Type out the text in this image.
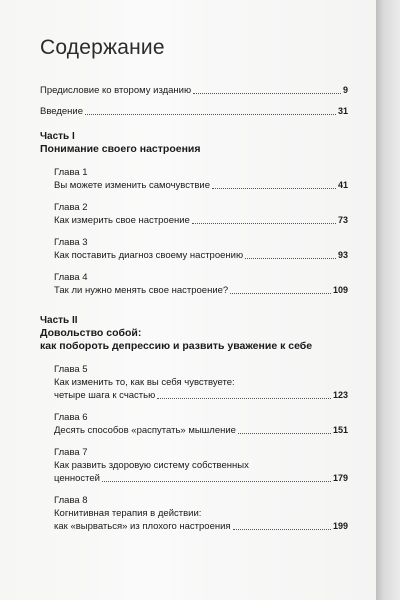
Содержание
Предисловие ко второму изданию	9
Введение	31
Часть I
Понимание своего настроения
Глава 1
Вы можете изменить самочувствие	41
Глава 2
Как измерить свое настроение	73
Глава 3
Как поставить диагноз своему настроению	93
Глава 4
Так ли нужно менять свое настроение?	109
Часть II
Довольство собой:
как побороть депрессию и развить уважение к себе
Глава 5
Как изменить то, как вы себя чувствуете:
четыре шага к счастью	123
Глава 6
Десять способов «распутать» мышление	151
Глава 7
Как развить здоровую систему собственных
ценностей	179
Глава 8
Когнитивная терапия в действии:
как «вырваться» из плохого настроения	199
